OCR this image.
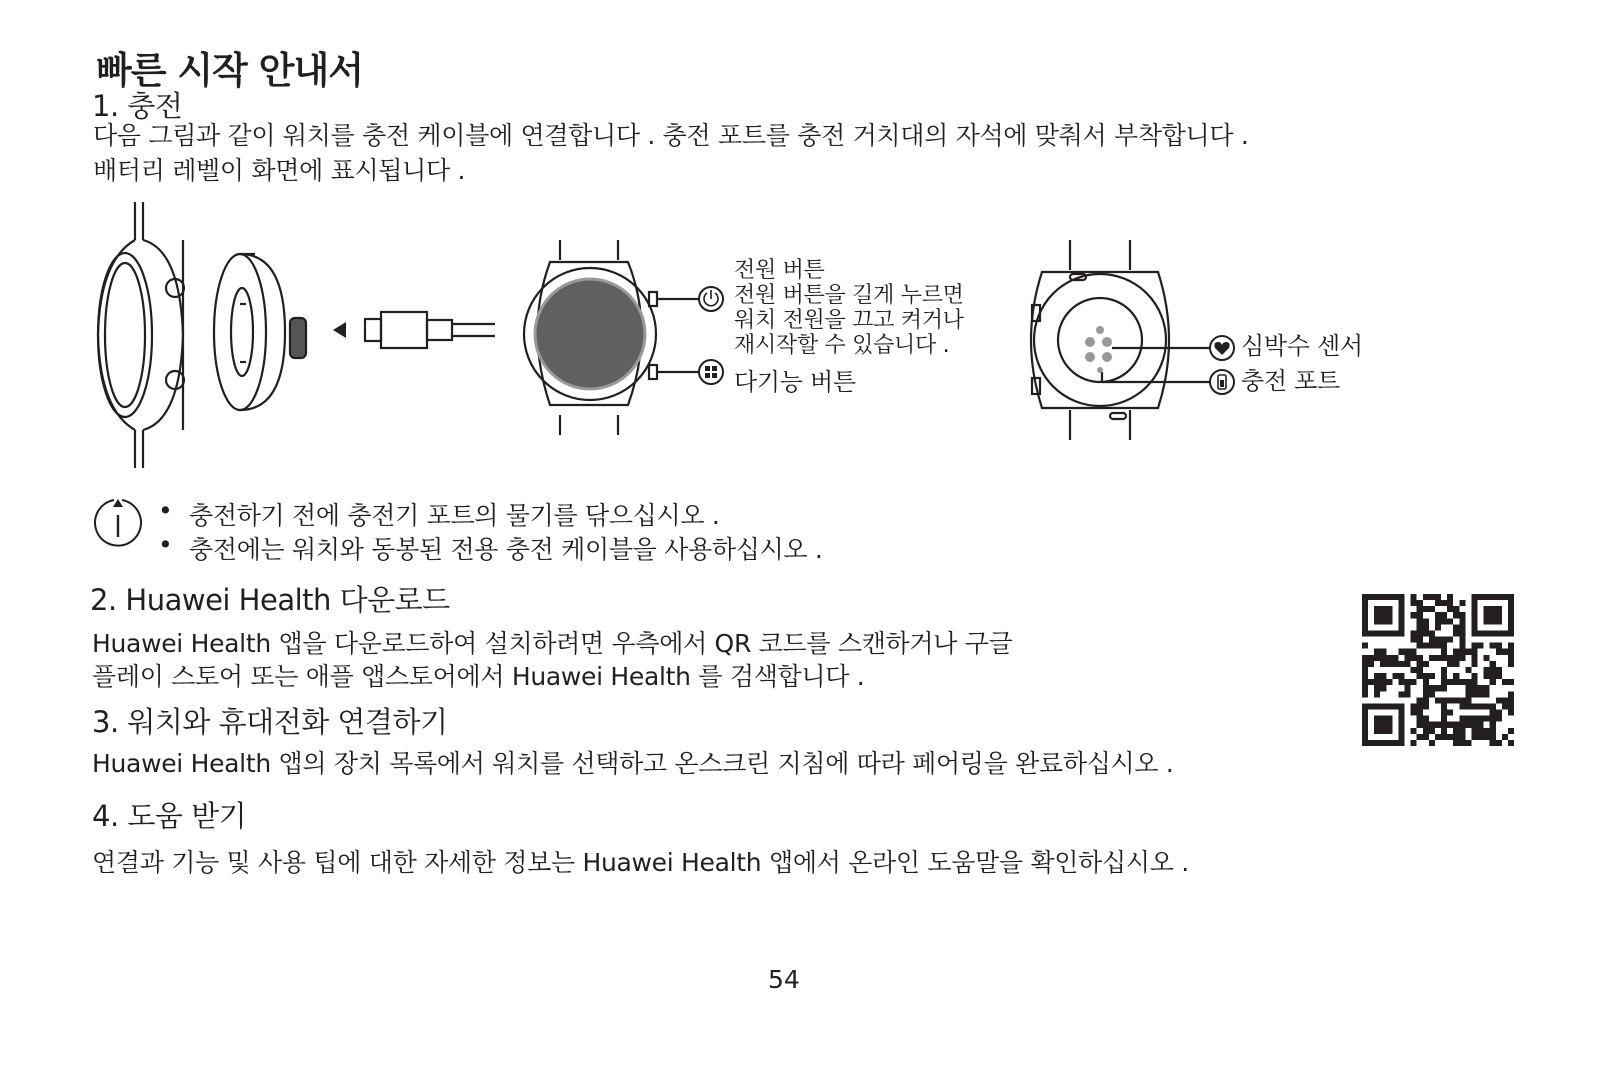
빠른 시작 안내서
1. 충전
다음 그림과 같이 워치를 충전 케이블에 연결합니다 . 충전 포트를 충전 거치대의 자석에 맞춰서 부착합니다 .
배터리 레벨이 화면에 표시됩니다 .
전원 버튼
전원 버튼을 길게 누르면
워치 전원을 끄고 켜거나
재시작할 수 있습니다 .
다기능 버튼
심박수 센서
충전 포트
• 충전하기 전에 충전기 포트의 물기를 닦으십시오 .
• 충전에는 워치와 동봉된 전용 충전 케이블을 사용하십시오 .
2. Huawei Health 다운로드
Huawei Health 앱을 다운로드하여 설치하려면 우측에서 QR 코드를 스캔하거나 구글
플레이 스토어 또는 애플 앱스토어에서 Huawei Health 를 검색합니다 .
3. 워치와 휴대전화 연결하기
Huawei Health 앱의 장치 목록에서 워치를 선택하고 온스크린 지침에 따라 페어링을 완료하십시오 .
4. 도움 받기
연결과 기능 및 사용 팁에 대한 자세한 정보는 Huawei Health 앱에서 온라인 도움말을 확인하십시오 .
54
